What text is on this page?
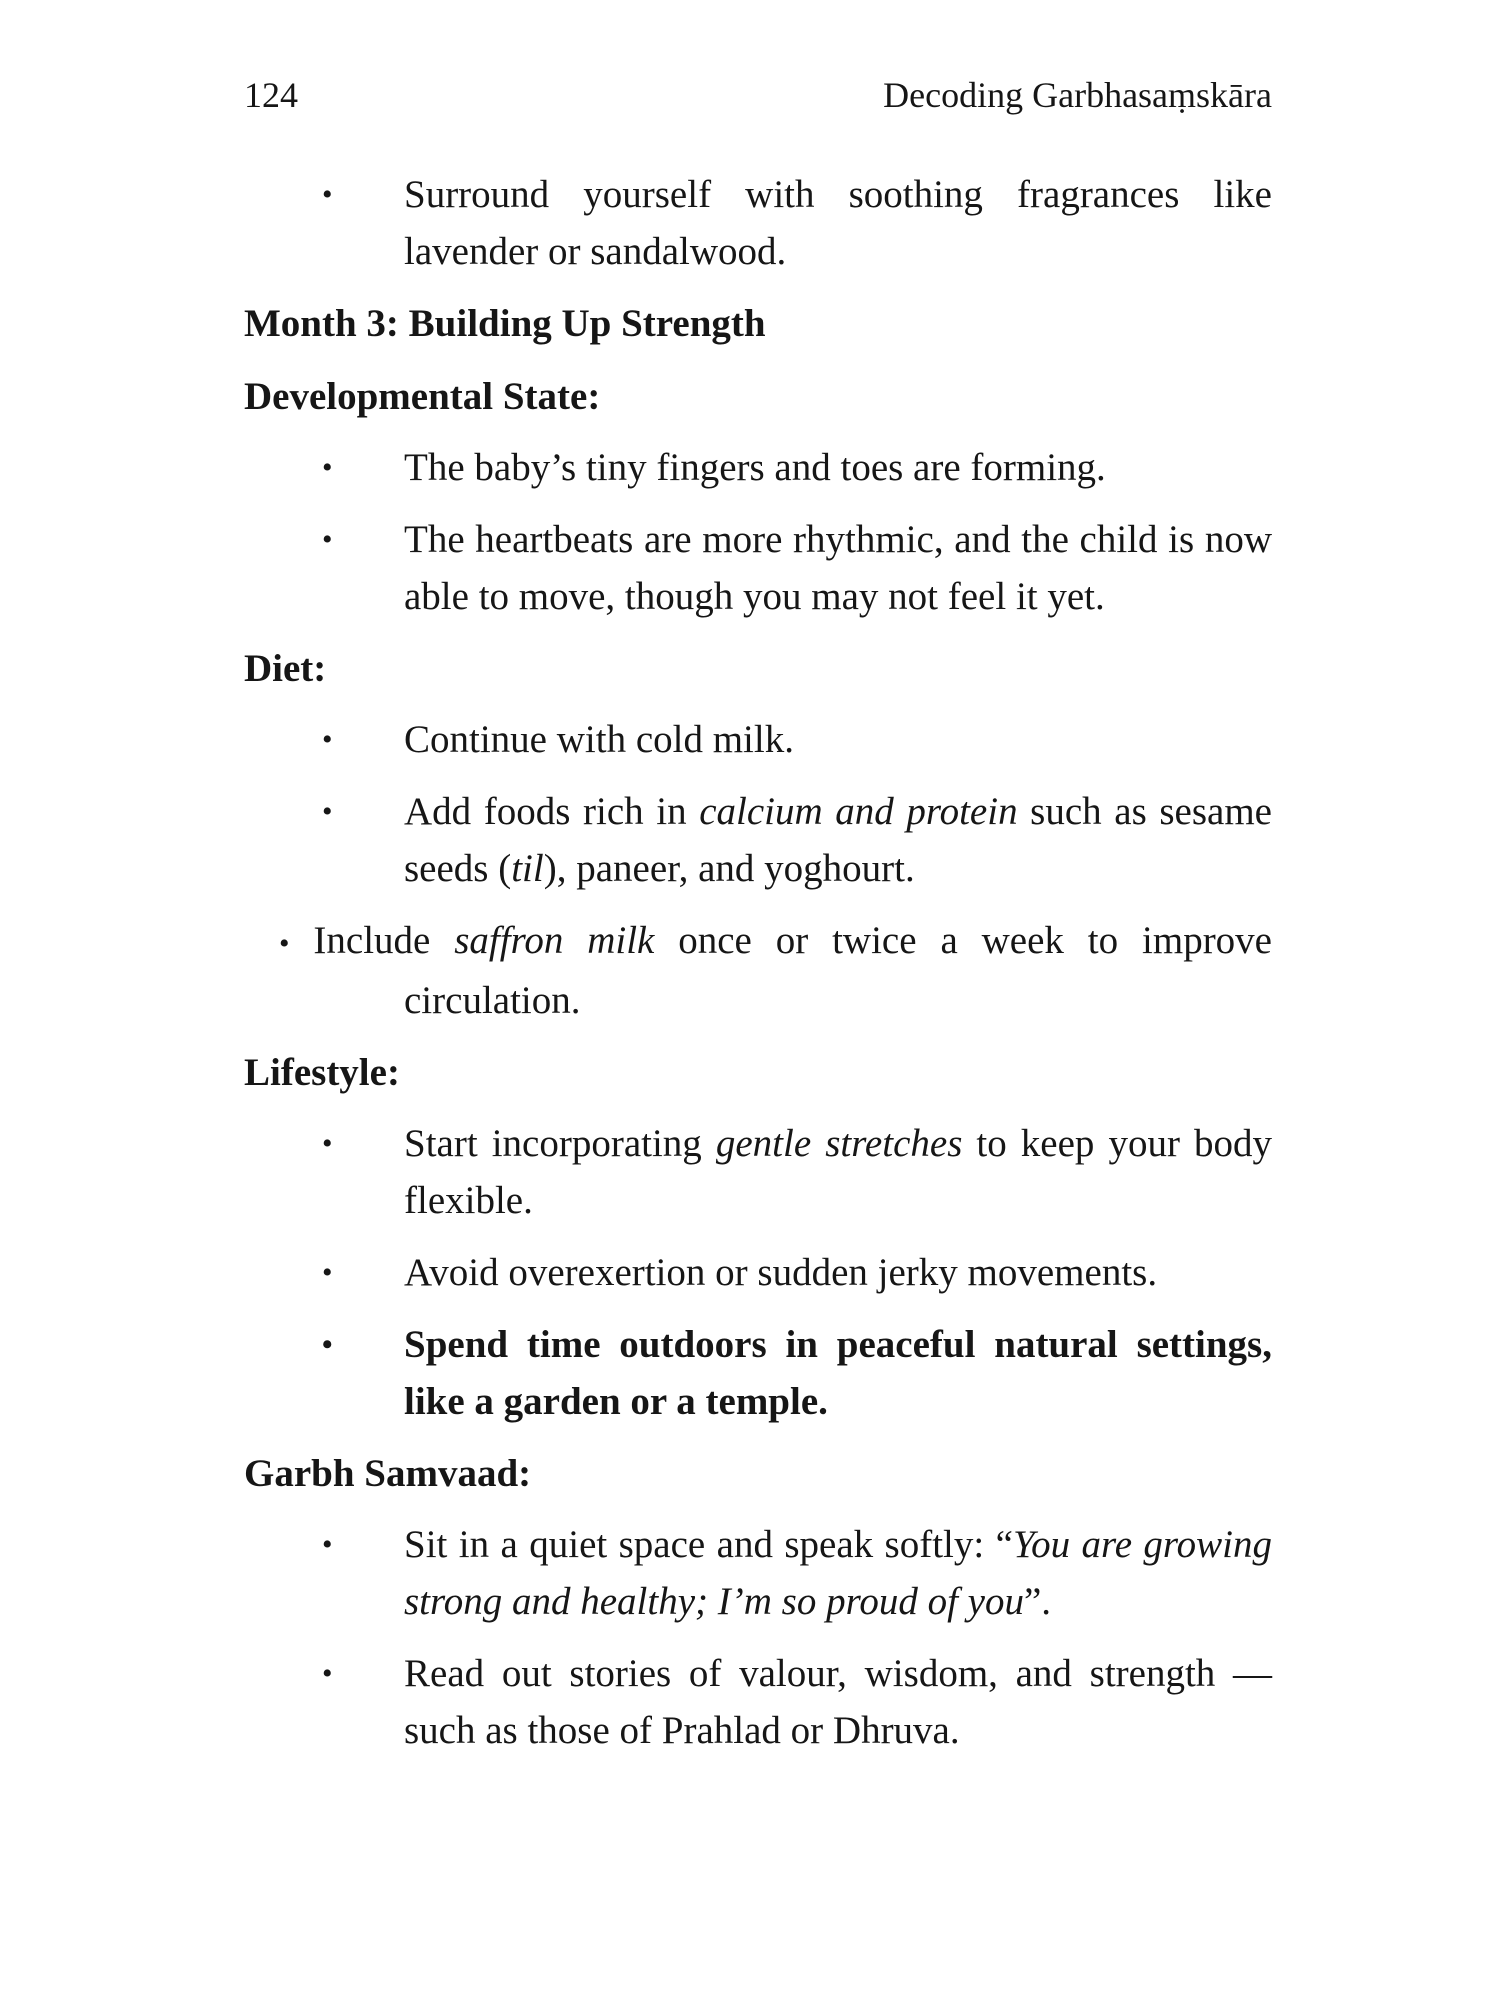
124	Decoding Garbhasaṃskāra
• Surround yourself with soothing fragrances like lavender or sandalwood.

Month 3: Building Up Strength

Developmental State:

• The baby’s tiny fingers and toes are forming.
• The heartbeats are more rhythmic, and the child is now able to move, though you may not feel it yet.

Diet:

• Continue with cold milk.
• Add foods rich in calcium and protein such as sesame seeds (til), paneer, and yoghourt.
• Include saffron milk once or twice a week to improve circulation.

Lifestyle:

• Start incorporating gentle stretches to keep your body flexible.
• Avoid overexertion or sudden jerky movements.
• Spend time outdoors in peaceful natural settings, like a garden or a temple.

Garbh Samvaad:

• Sit in a quiet space and speak softly: “You are growing strong and healthy; I’m so proud of you”.
• Read out stories of valour, wisdom, and strength — such as those of Prahlad or Dhruva.
